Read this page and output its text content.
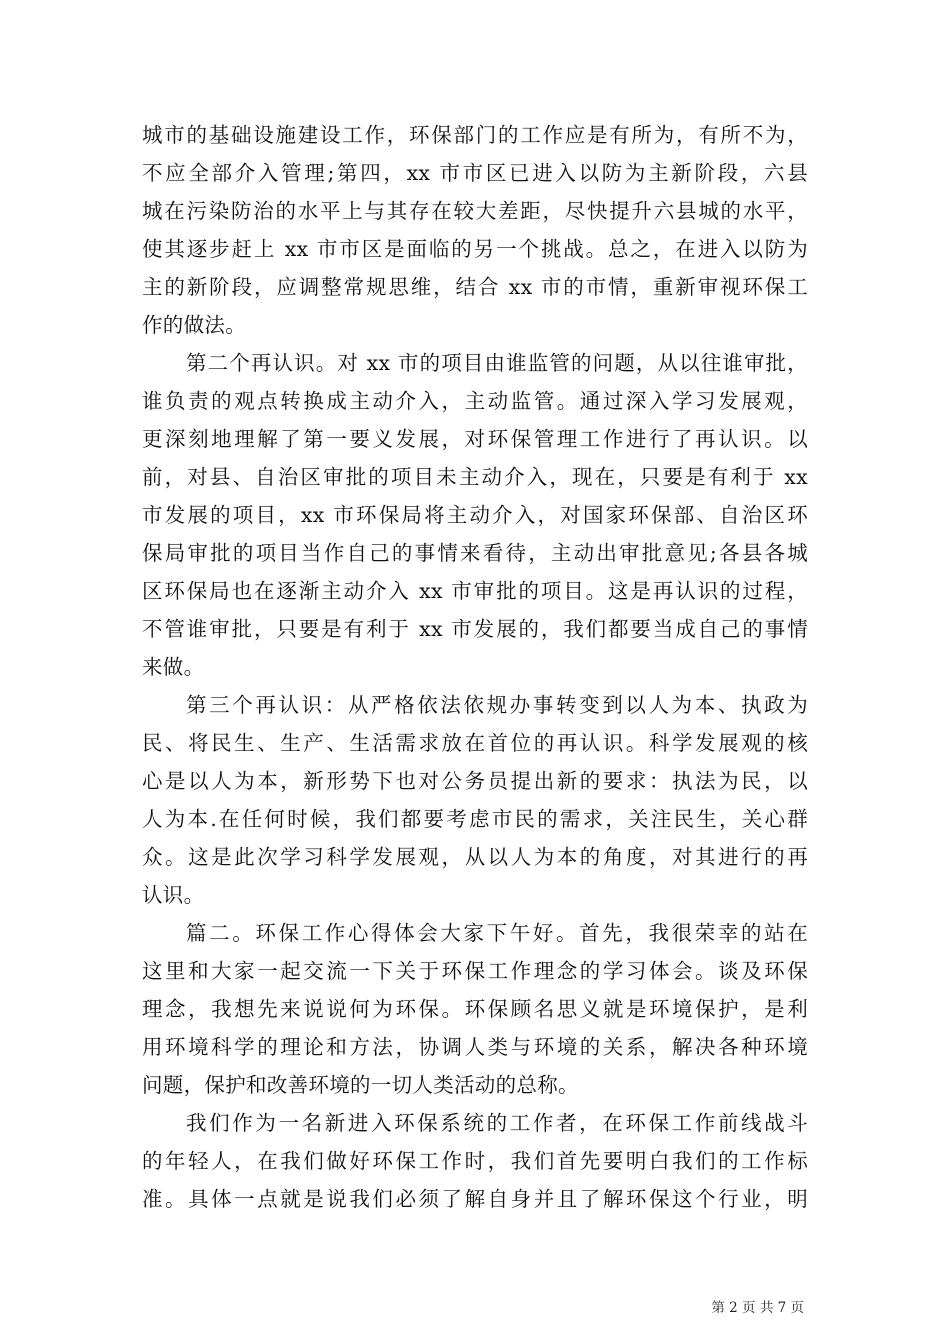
城市的基础设施建设工作，环保部门的工作应是有所为，有所不为，
不应全部介入管理;第四，xx 市市区已进入以防为主新阶段，六县
城在污染防治的水平上与其存在较大差距，尽快提升六县城的水平，
使其逐步赶上 xx 市市区是面临的另一个挑战。总之，在进入以防为
主的新阶段，应调整常规思维，结合 xx 市的市情，重新审视环保工
作的做法。
第二个再认识。对 xx 市的项目由谁监管的问题，从以往谁审批，
谁负责的观点转换成主动介入，主动监管。通过深入学习发展观，
更深刻地理解了第一要义发展，对环保管理工作进行了再认识。以
前，对县、自治区审批的项目未主动介入，现在，只要是有利于 xx
市发展的项目，xx 市环保局将主动介入，对国家环保部、自治区环
保局审批的项目当作自己的事情来看待，主动出审批意见;各县各城
区环保局也在逐渐主动介入 xx 市审批的项目。这是再认识的过程，
不管谁审批，只要是有利于 xx 市发展的，我们都要当成自己的事情
来做。
第三个再认识：从严格依法依规办事转变到以人为本、执政为
民、将民生、生产、生活需求放在首位的再认识。科学发展观的核
心是以人为本，新形势下也对公务员提出新的要求：执法为民，以
人为本.在任何时候，我们都要考虑市民的需求，关注民生，关心群
众。这是此次学习科学发展观，从以人为本的角度，对其进行的再
认识。
篇二。环保工作心得体会大家下午好。首先，我很荣幸的站在
这里和大家一起交流一下关于环保工作理念的学习体会。谈及环保
理念，我想先来说说何为环保。环保顾名思义就是环境保护，是利
用环境科学的理论和方法，协调人类与环境的关系，解决各种环境
问题，保护和改善环境的一切人类活动的总称。
我们作为一名新进入环保系统的工作者，在环保工作前线战斗
的年轻人，在我们做好环保工作时，我们首先要明白我们的工作标
准。具体一点就是说我们必须了解自身并且了解环保这个行业，明
第 2 页 共 7 页
